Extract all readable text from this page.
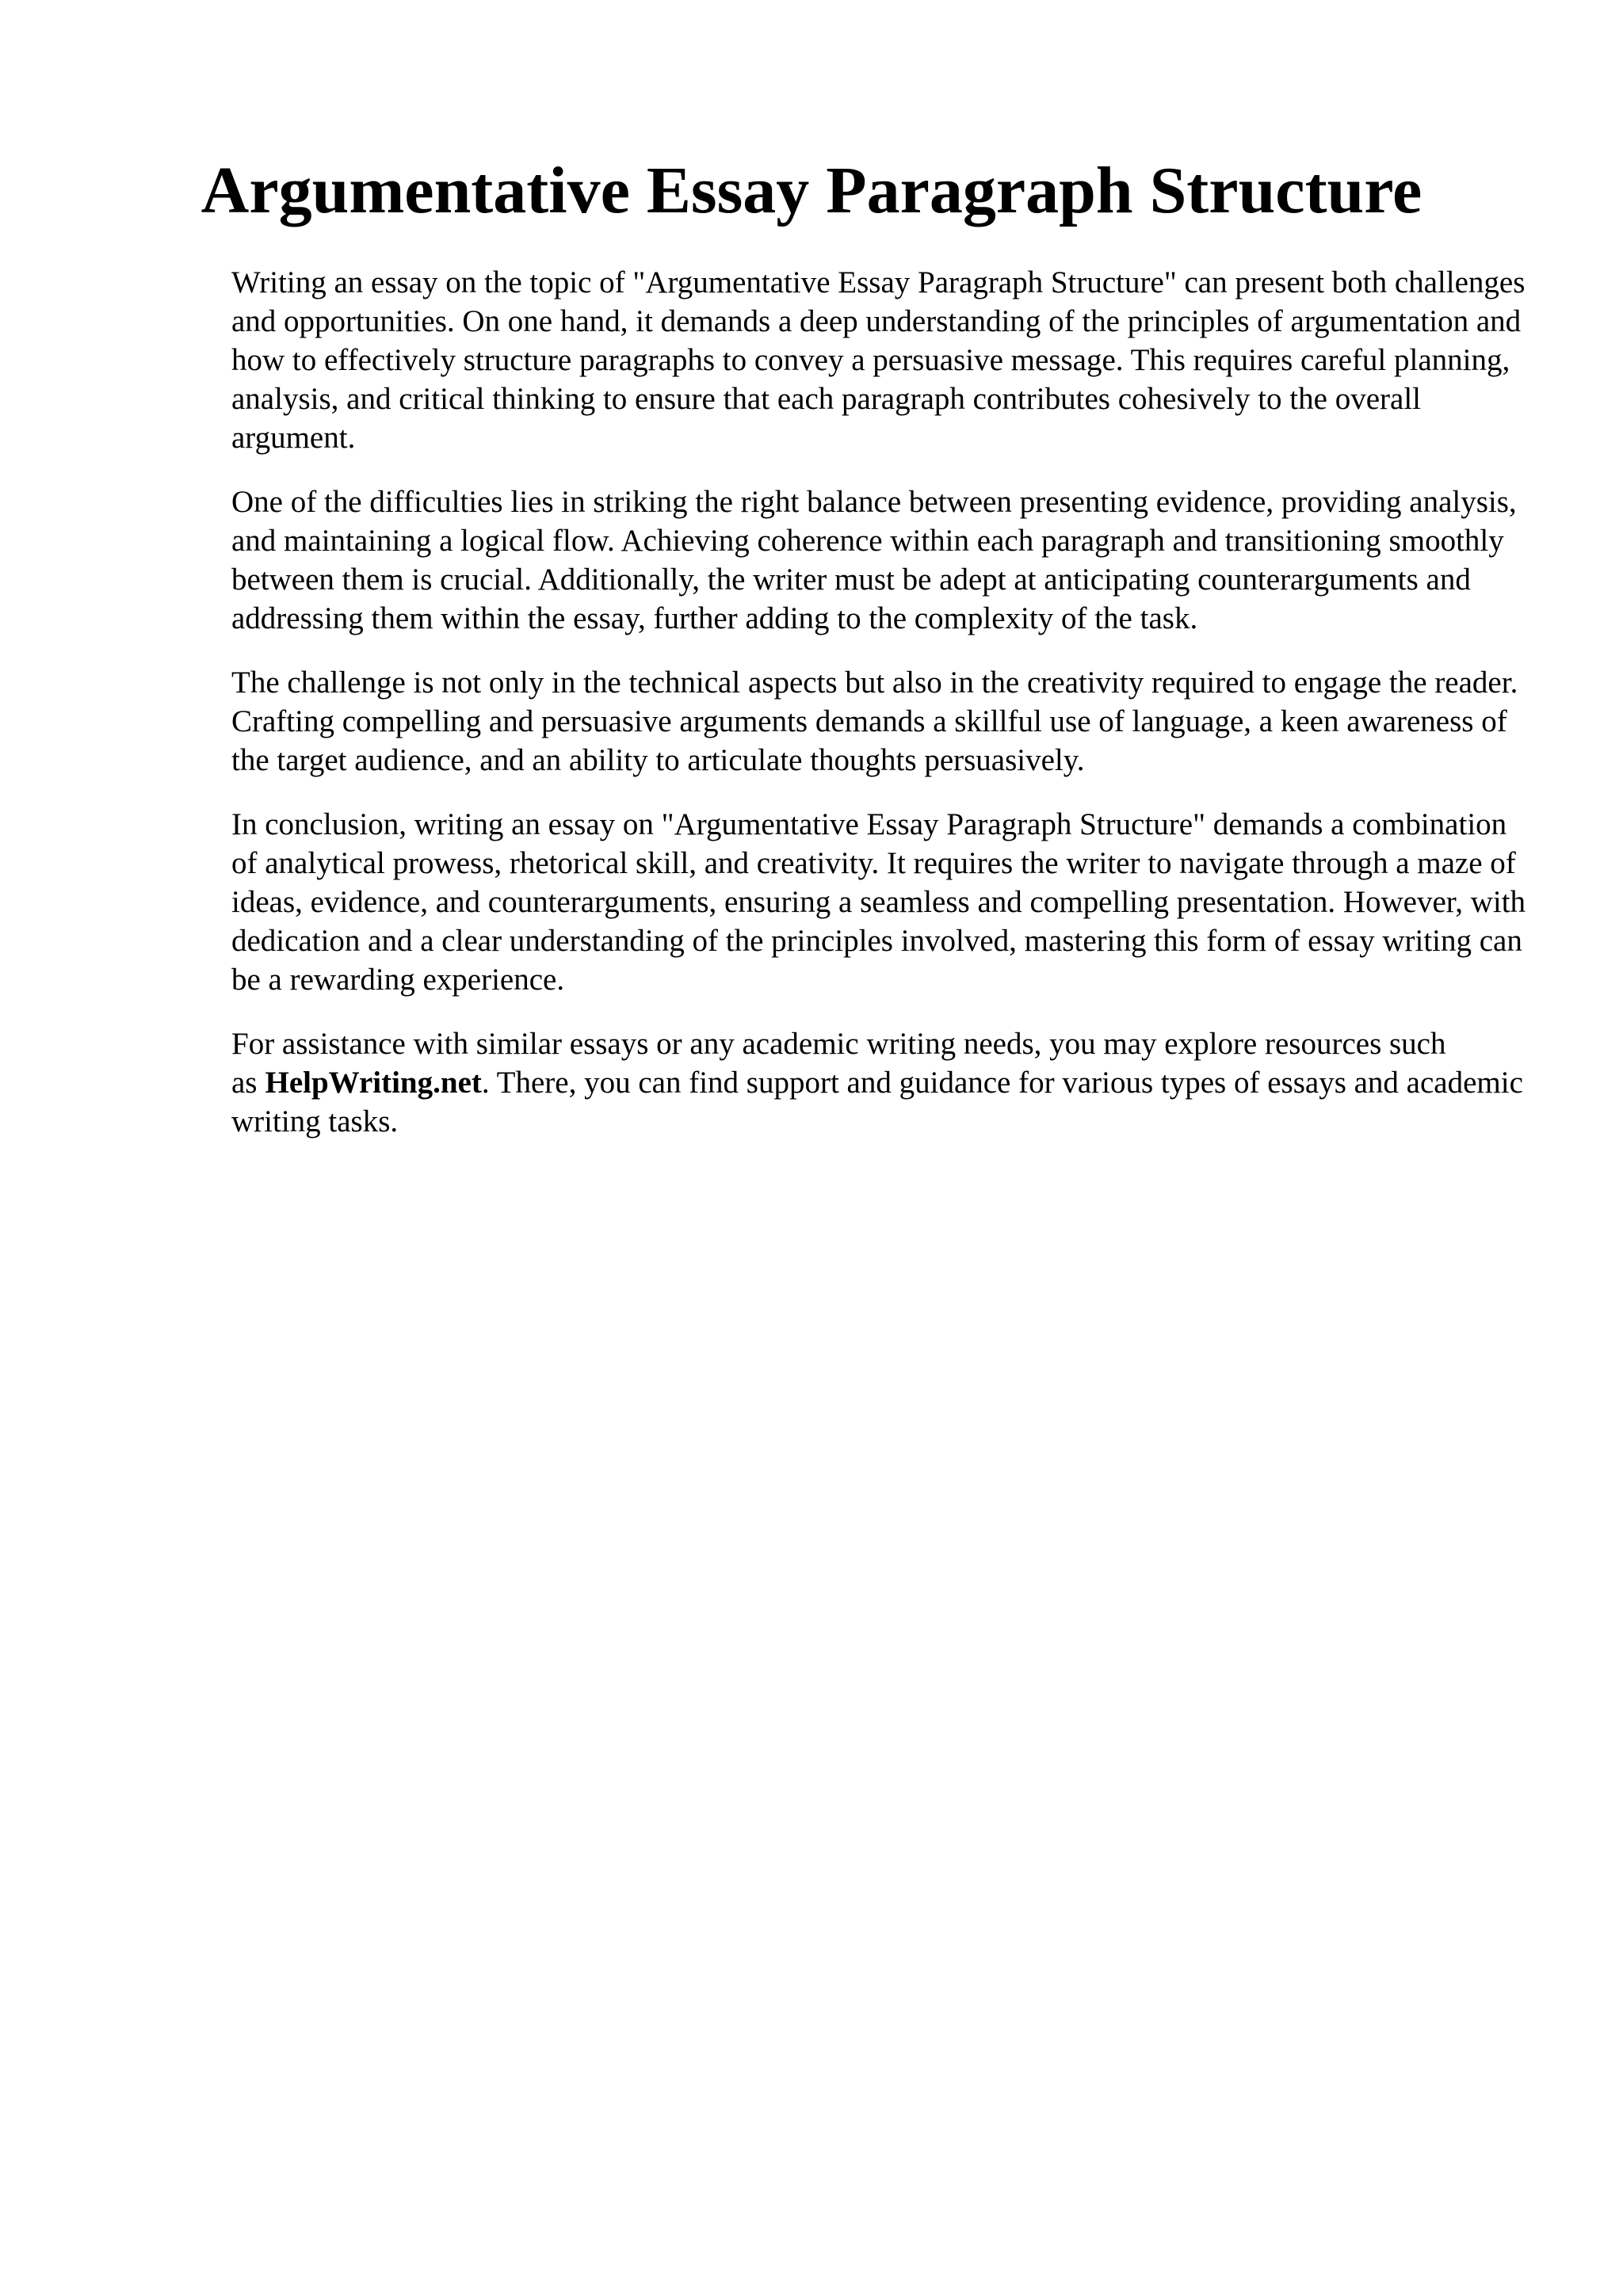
Argumentative Essay Paragraph Structure

Writing an essay on the topic of "Argumentative Essay Paragraph Structure" can present both challenges and opportunities. On one hand, it demands a deep understanding of the principles of argumentation and how to effectively structure paragraphs to convey a persuasive message. This requires careful planning, analysis, and critical thinking to ensure that each paragraph contributes cohesively to the overall argument.

One of the difficulties lies in striking the right balance between presenting evidence, providing analysis, and maintaining a logical flow. Achieving coherence within each paragraph and transitioning smoothly between them is crucial. Additionally, the writer must be adept at anticipating counterarguments and addressing them within the essay, further adding to the complexity of the task.

The challenge is not only in the technical aspects but also in the creativity required to engage the reader. Crafting compelling and persuasive arguments demands a skillful use of language, a keen awareness of the target audience, and an ability to articulate thoughts persuasively.

In conclusion, writing an essay on "Argumentative Essay Paragraph Structure" demands a combination of analytical prowess, rhetorical skill, and creativity. It requires the writer to navigate through a maze of ideas, evidence, and counterarguments, ensuring a seamless and compelling presentation. However, with dedication and a clear understanding of the principles involved, mastering this form of essay writing can be a rewarding experience.

For assistance with similar essays or any academic writing needs, you may explore resources such as HelpWriting.net. There, you can find support and guidance for various types of essays and academic writing tasks.
